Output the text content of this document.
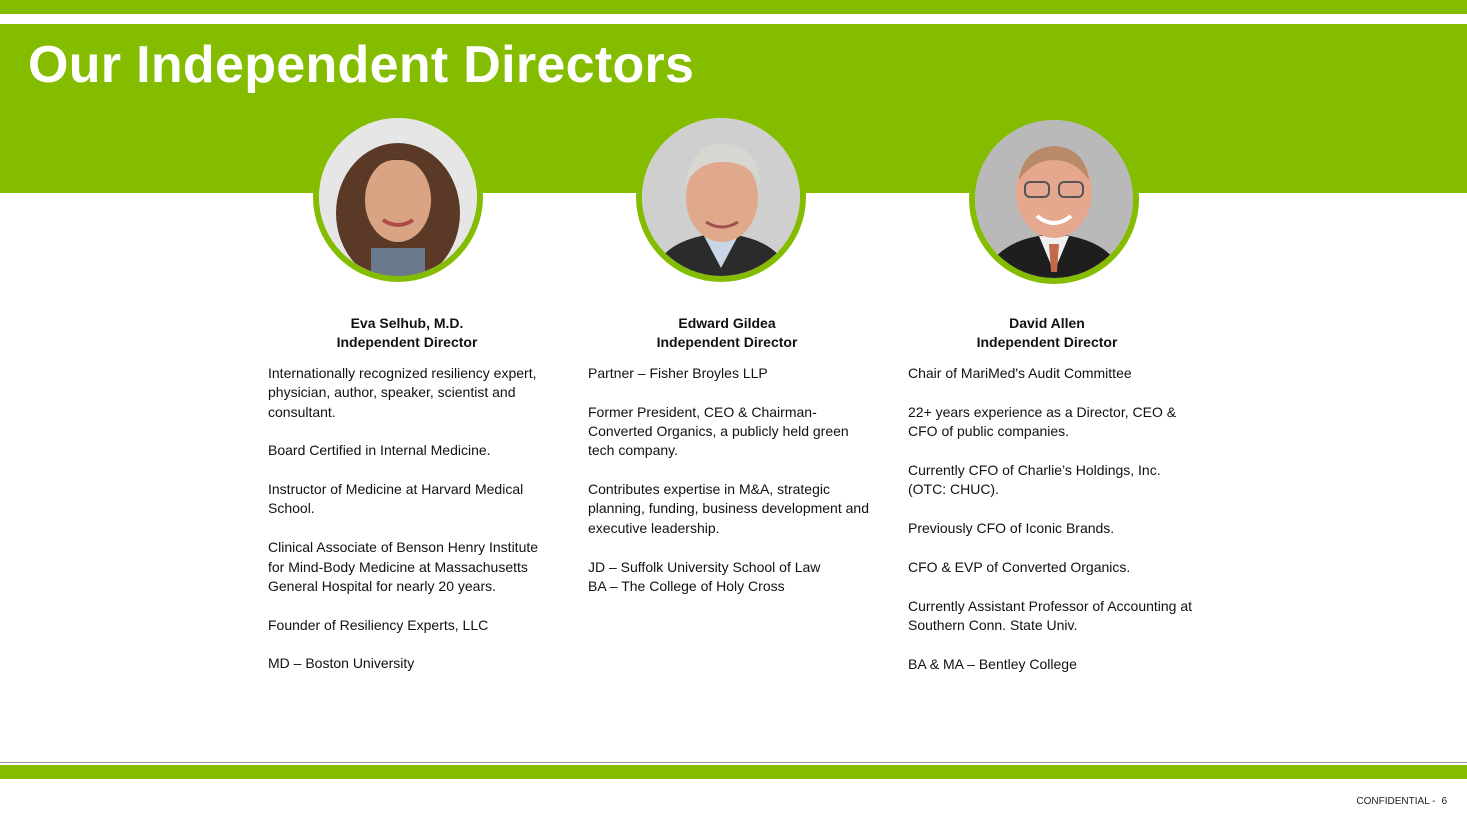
Our Independent Directors

Eva Selhub, M.D.

Independent Director

Internationally recognized resiliency expert, physician, author, speaker, scientist and consultant.

Board Certified in Internal Medicine.

Instructor of Medicine at Harvard Medical School.

Clinical Associate of Benson Henry Institute for Mind-Body Medicine at Massachusetts General Hospital for nearly 20 years.

Founder of Resiliency Experts, LLC

MD – Boston University

Edward Gildea

Independent Director

Partner – Fisher Broyles LLP

Former President, CEO & Chairman- Converted Organics, a publicly held green tech company.

Contributes expertise in M&A, strategic planning, funding, business development and executive leadership.

JD – Suffolk University School of Law

BA – The College of Holy Cross

David Allen

Independent Director

Chair of MariMed's Audit Committee

22+ years experience as a Director, CEO & CFO of public companies.

Currently CFO of Charlie’s Holdings, Inc. (OTC: CHUC).

Previously CFO of Iconic Brands.

CFO & EVP of Converted Organics.

Currently Assistant Professor of Accounting at Southern Conn. State Univ.

BA & MA – Bentley College

CONFIDENTIAL - 6
